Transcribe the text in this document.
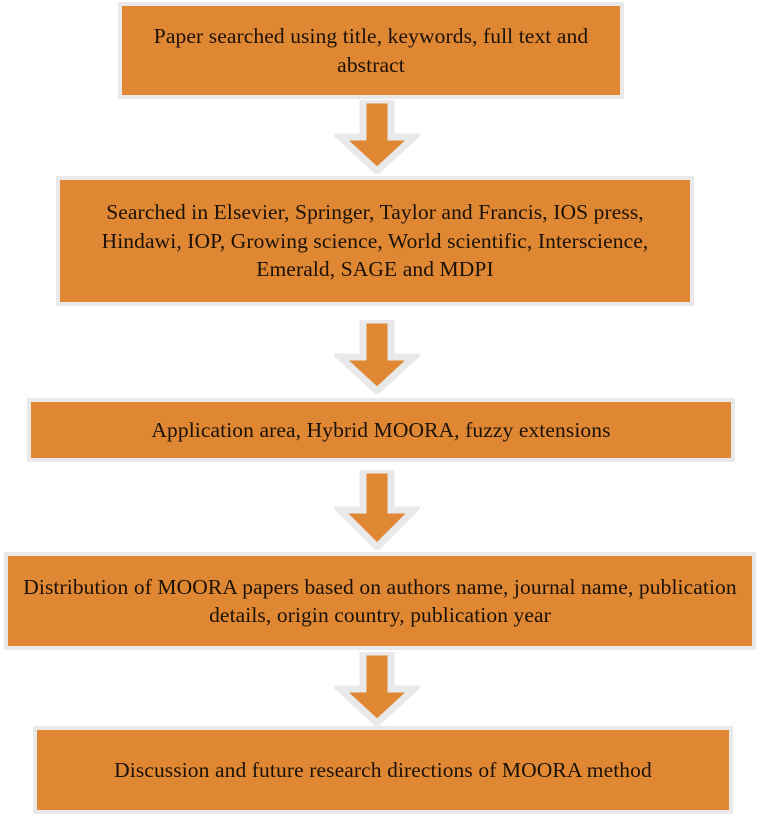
Paper searched using title, keywords, full text and abstract
Searched in Elsevier, Springer, Taylor and Francis, IOS press, Hindawi, IOP, Growing science, World scientific, Interscience, Emerald, SAGE and MDPI
Application area, Hybrid MOORA, fuzzy extensions
Distribution of MOORA papers based on authors name, journal name, publication details, origin country, publication year
Discussion and future research directions of MOORA method
